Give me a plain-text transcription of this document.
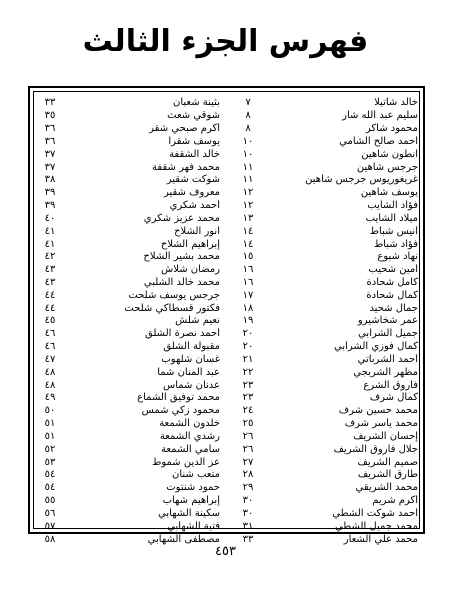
فهرس الجزء الثالث
خالد شاتيلا
٧
سليم عبد الله شار
٨
محمود شاكر
٨
أحمد صالح الشامي
١٠
انطون شاهين
١٠
جرجس شاهين
١١
غريغوريوس جرجس شاهين
١١
يوسف شاهين
١٢
فؤاد الشايب
١٢
ميلاد الشايب
١٣
أنيس شباط
١٤
فؤاد شباط
١٤
نهاد شبوع
١٥
أمين شحيب
١٦
كامل شحادة
١٦
كمال شحادة
١٧
جمال شحيد
١٨
عمر شخاشيرو
١٩
جميل الشرابي
٢٠
كمال فوزي الشرابي
٢٠
أحمد الشرباتي
٢١
مظهر الشربجي
٢٢
فاروق الشرع
٢٣
كمال شرف
٢٣
محمد حسين شرف
٢٤
محمد ياسر شرف
٢٥
إحسان الشريف
٢٦
جلال فاروق الشريف
٢٦
صميم الشريف
٢٧
طارق الشريف
٢٨
محمد الشريقي
٢٩
أكرم شريم
٣٠
أحمد شوكت الشطي
٣٠
محمد جميل الشطي
٣١
محمد علي الشعار
٣٣
بثينة شعبان
٣٣
شوقي شعث
٣٥
أكرم صبحي شقر
٣٦
يوسف شقرا
٣٦
خالد الشقفة
٣٧
محمد فهر شقفة
٣٧
شوكت شقير
٣٨
معروف شقير
٣٩
أحمد شكري
٣٩
محمد عزيز شكري
٤٠
أنور الشلاح
٤١
إبراهيم الشلاح
٤١
محمد بشير الشلاح
٤٢
رمضان شلاش
٤٣
محمد خالد الشلبي
٤٣
جرجس يوسف شلحت
٤٤
فكتور قسطاكي شلحت
٤٤
نعيم شلش
٤٥
أحمد نصرة الشلق
٤٦
مقبولة الشلق
٤٦
غسان شلهوب
٤٧
عبد المنان شما
٤٨
عدنان شماس
٤٨
محمد توفيق الشماع
٤٩
محمود زكي شمس
٥٠
خلدون الشمعة
٥١
رشدي الشمعة
٥١
سامي الشمعة
٥٢
عز الدين شموط
٥٣
متعب شنان
٥٤
حمود شنتوت
٥٤
إبراهيم شهاب
٥٥
سكينة الشهابي
٥٦
فتية الشهابي
٥٧
مصطفى الشهابي
٥٨
٤٥٣
